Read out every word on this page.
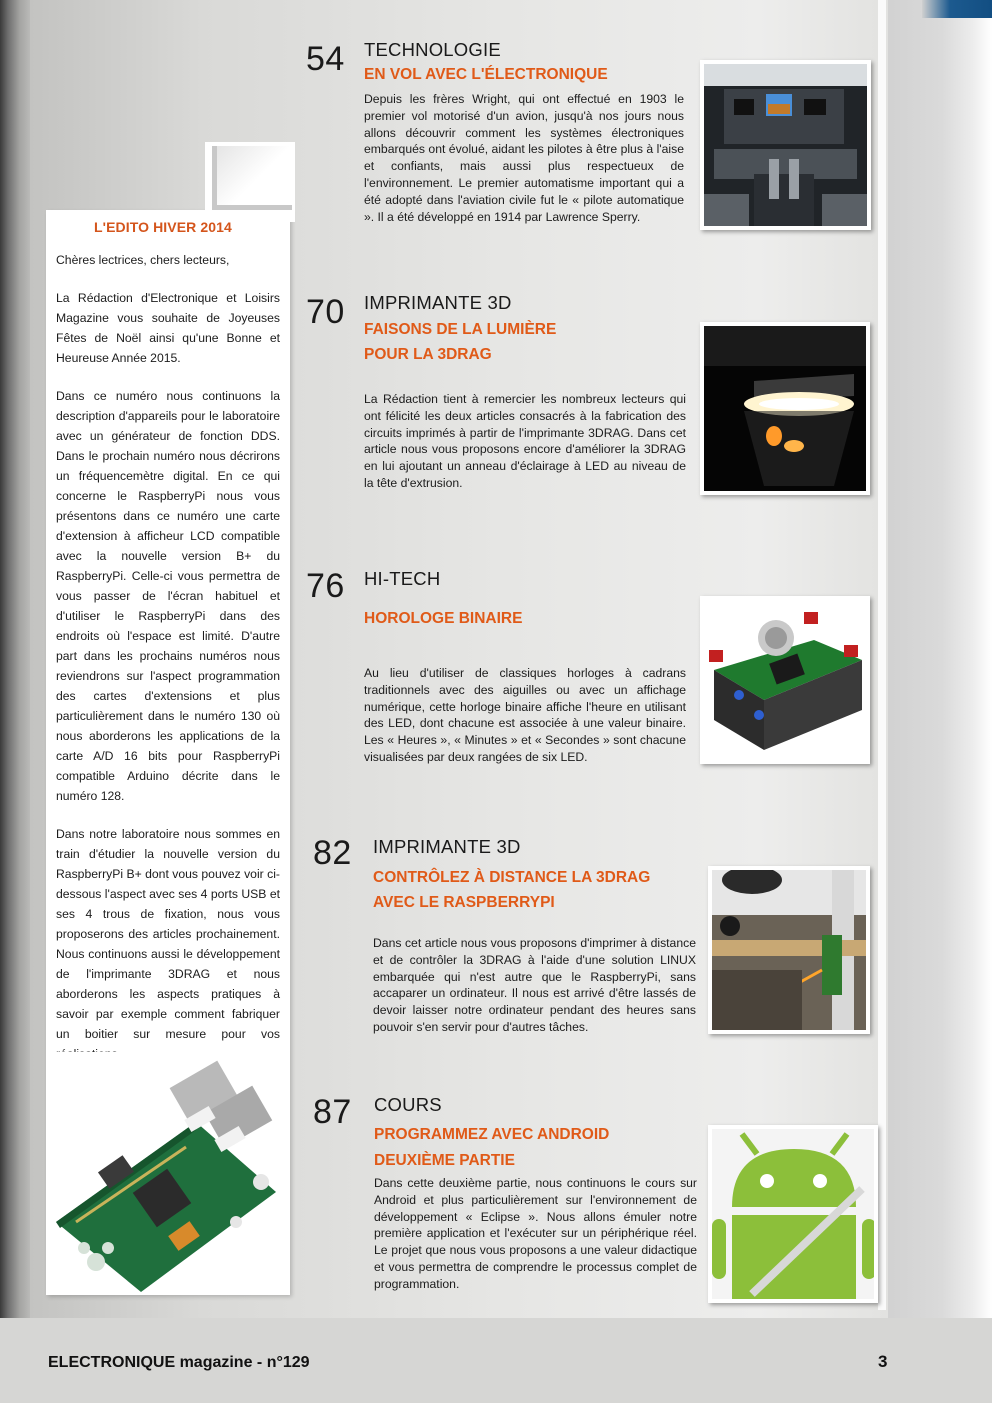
L'EDITO HIVER 2014

Chères lectrices, chers lecteurs,

La Rédaction d'Electronique et Loisirs Magazine vous souhaite de Joyeuses Fêtes de Noël ainsi qu'une Bonne et Heureuse Année 2015.

Dans ce numéro nous continuons la description d'appareils pour le laboratoire avec un générateur de fonction DDS. Dans le prochain numéro nous décrirons un fréquencemètre digital. En ce qui concerne le RaspberryPi nous vous présentons dans ce numéro une carte d'extension à afficheur LCD compatible avec la nouvelle version B+ du RaspberryPi. Celle-ci vous permettra de vous passer de l'écran habituel et d'utiliser le RaspberryPi dans des endroits où l'espace est limité. D'autre part dans les prochains numéros nous reviendrons sur l'aspect programmation des cartes d'extensions et plus particulièrement dans le numéro 130 où nous aborderons les applications de la carte A/D 16 bits pour RaspberryPi compatible Arduino décrite dans le numéro 128.

Dans notre laboratoire nous sommes en train d'étudier la nouvelle version du RaspberryPi B+ dont vous pouvez voir ci-dessous l'aspect avec ses 4 ports USB et ses 4 trous de fixation, nous vous proposerons des articles prochainement. Nous continuons aussi le développement de l'imprimante 3DRAG et nous aborderons les aspects pratiques à savoir par exemple comment fabriquer un boitier sur mesure pour vos

54 TECHNOLOGIE
EN VOL AVEC L'ÉLECTRONIQUE
Depuis les frères Wright, qui ont effectué en 1903 le premier vol motorisé d'un avion, jusqu'à nos jours nous allons découvrir comment les systèmes électroniques embarqués ont évolué, aidant les pilotes à être plus à l'aise et confiants, mais aussi plus respectueux de l'environnement. Le premier automatisme important qui a été adopté dans l'aviation civile fut le « pilote automatique ». Il a été développé en 1914 par Lawrence Sperry.
70 IMPRIMANTE 3D
FAISONS DE LA LUMIÈRE
POUR LA 3DRAG
La Rédaction tient à remercier les nombreux lecteurs qui ont félicité les deux articles consacrés à la fabrication des circuits imprimés à partir de l'imprimante 3DRAG. Dans cet article nous vous proposons encore d'améliorer la 3DRAG en lui ajoutant un anneau d'éclairage à LED au niveau de la tête d'extrusion.
76 HI-TECH
HOROLOGE BINAIRE
Au lieu d'utiliser de classiques horloges à cadrans traditionnels avec des aiguilles ou avec un affichage numérique, cette horloge binaire affiche l'heure en utilisant des LED, dont chacune est associée à une valeur binaire. Les « Heures », « Minutes » et « Secondes » sont chacune visualisées par deux rangées de six LED.
82 IMPRIMANTE 3D
CONTRÔLEZ À DISTANCE LA 3DRAG
AVEC LE RASPBERRYPI
Dans cet article nous vous proposons d'imprimer à distance et de contrôler la 3DRAG à l'aide d'une solution LINUX embarquée qui n'est autre que le RaspberryPi, sans accaparer un ordinateur. Il nous est arrivé d'être lassés de devoir laisser notre ordinateur pendant des heures sans pouvoir s'en servir pour d'autres tâches.
87 COURS
PROGRAMMEZ AVEC ANDROID
DEUXIÈME PARTIE
Dans cette deuxième partie, nous continuons le cours sur Android et plus particulièrement sur l'environnement de développement « Eclipse ». Nous allons émuler notre première application et l'exécuter sur un périphérique réel. Le projet que nous vous proposons a une valeur didactique et vous permettra de comprendre le processus complet de programmation.
ELECTRONIQUE magazine - n°129	3
